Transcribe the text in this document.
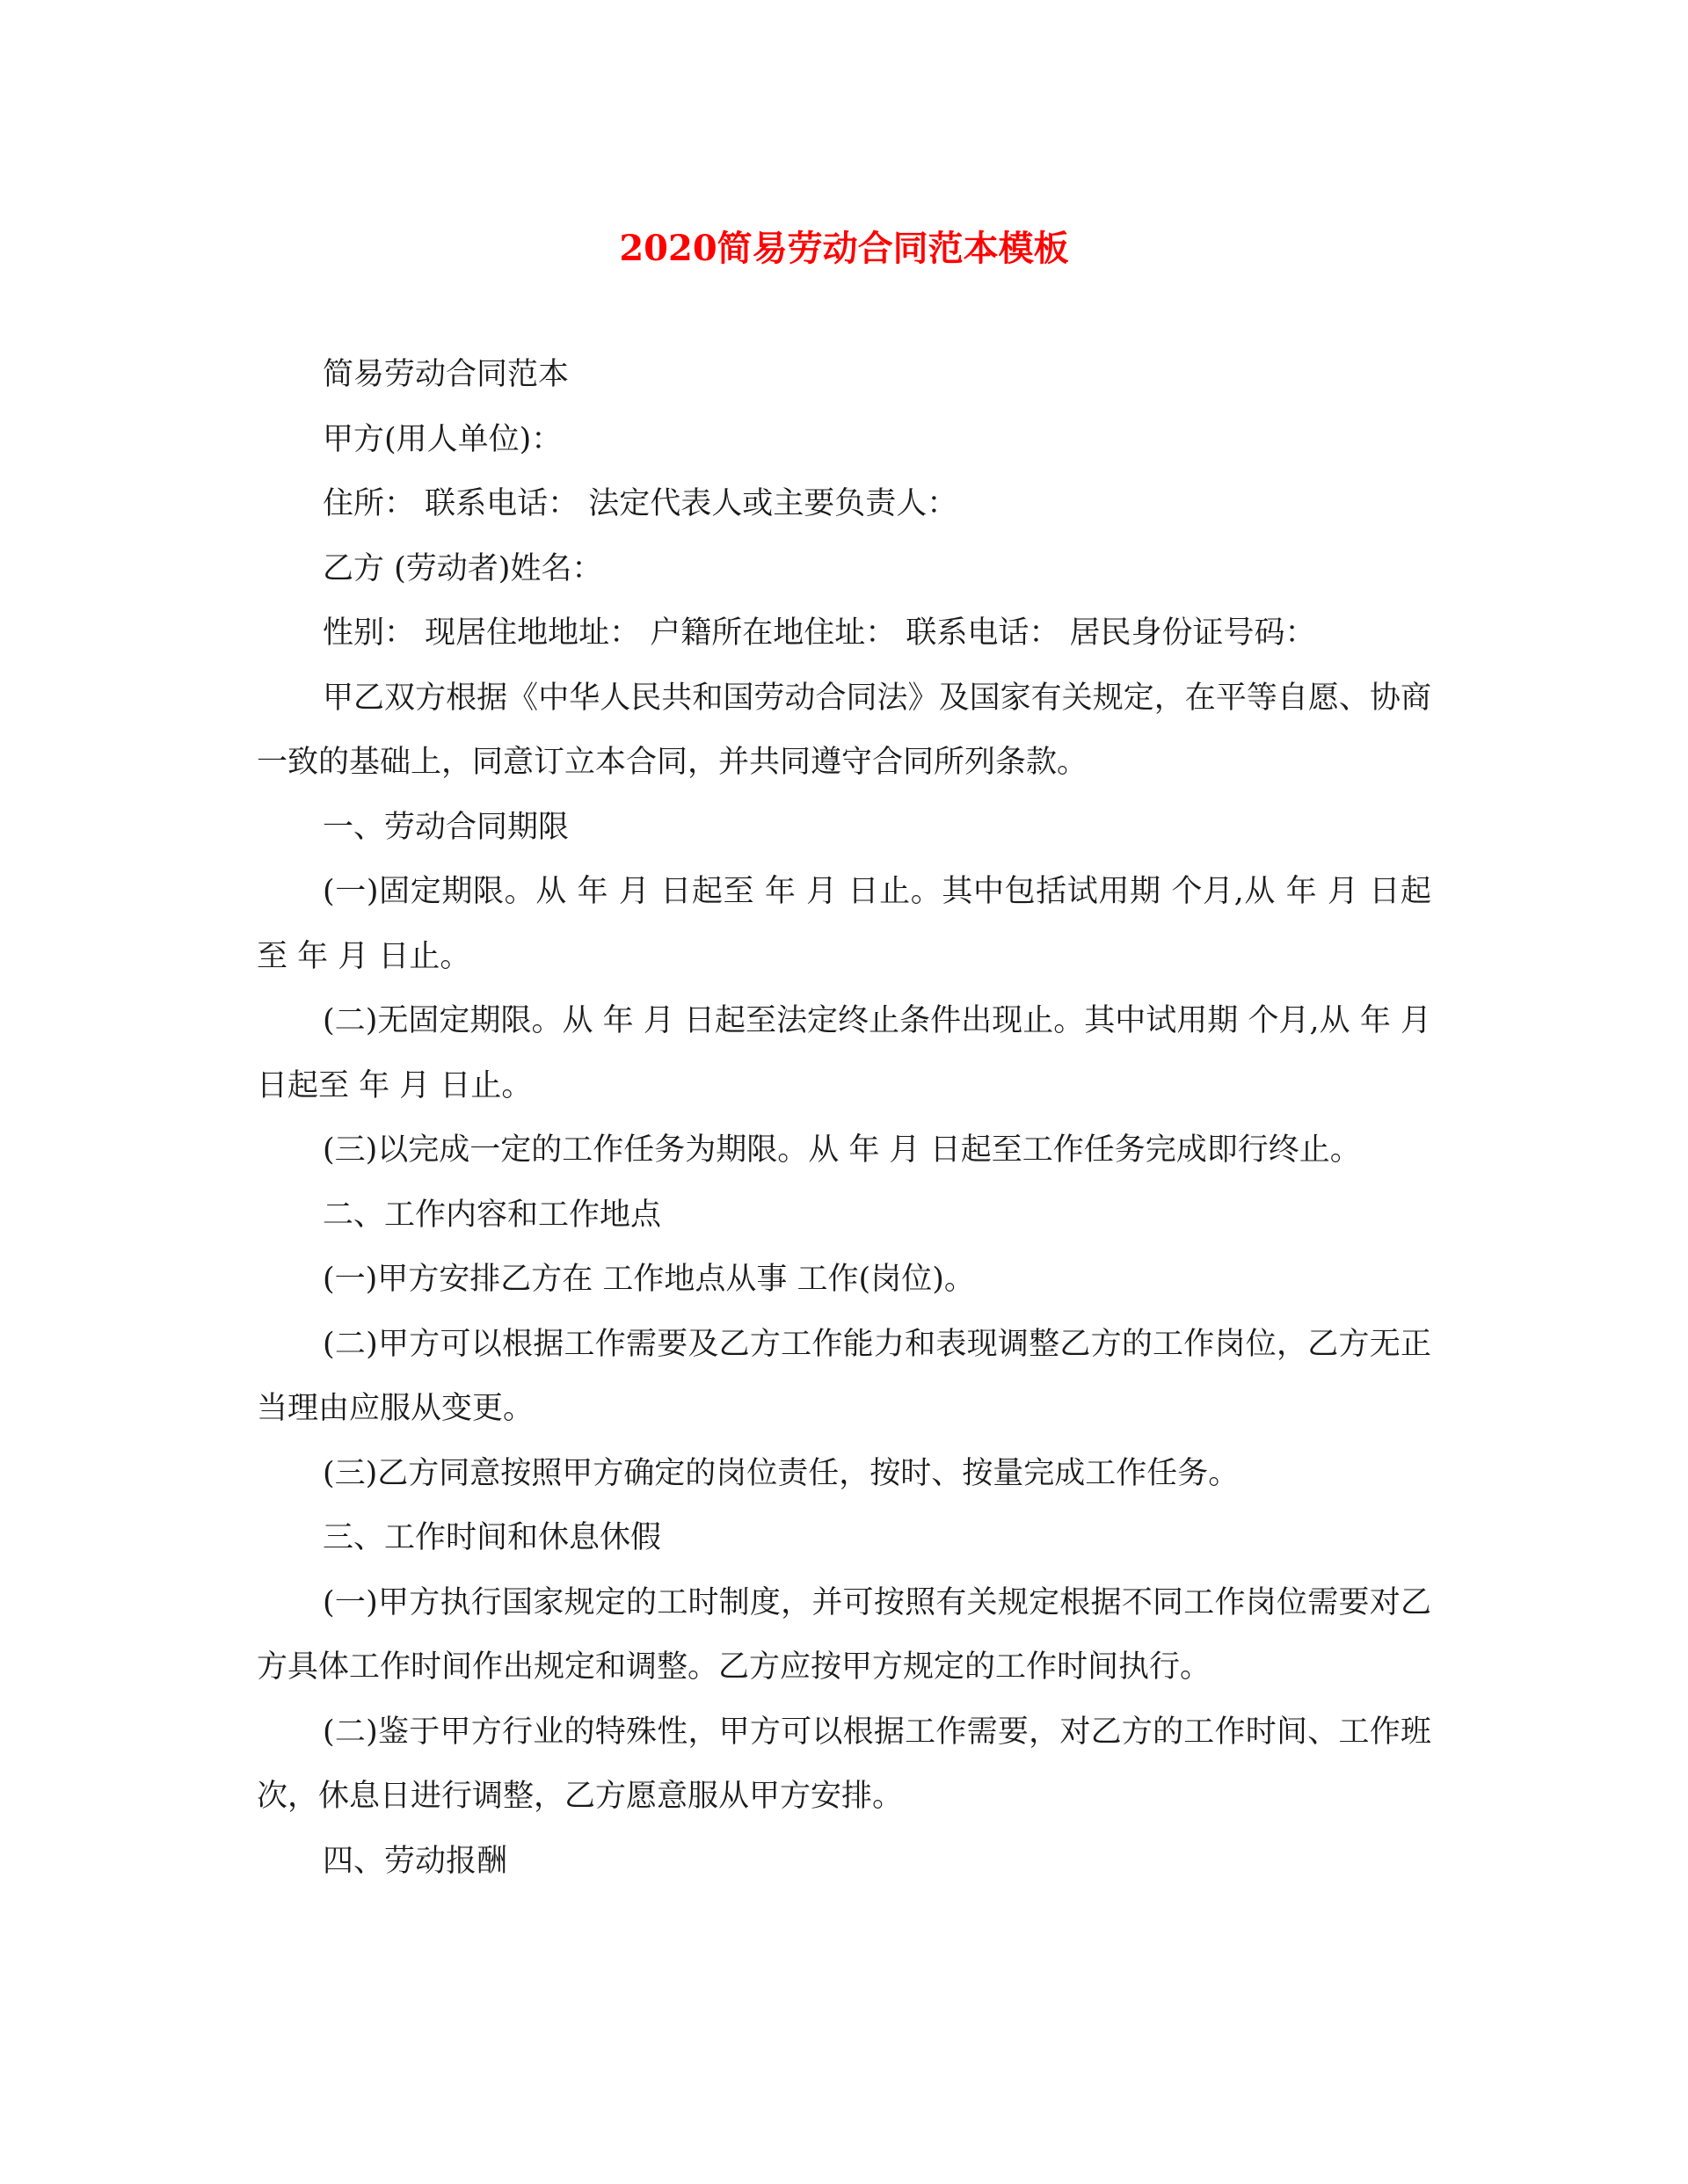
2020简易劳动合同范本模板

简易劳动合同范本

甲方(用人单位)：

住所： 联系电话： 法定代表人或主要负责人：

乙方 (劳动者)姓名：

性别： 现居住地地址： 户籍所在地住址： 联系电话： 居民身份证号码：

甲乙双方根据《中华人民共和国劳动合同法》及国家有关规定，在平等自愿、协商一致的基础上，同意订立本合同，并共同遵守合同所列条款。

一、劳动合同期限

(一)固定期限。从 年 月 日起至 年 月 日止。其中包括试用期 个月,从 年 月 日起至 年 月 日止。

(二)无固定期限。从 年 月 日起至法定终止条件出现止。其中试用期 个月,从 年 月 日起至 年 月 日止。

(三)以完成一定的工作任务为期限。从 年 月 日起至工作任务完成即行终止。

二、工作内容和工作地点

(一)甲方安排乙方在 工作地点从事 工作(岗位)。

(二)甲方可以根据工作需要及乙方工作能力和表现调整乙方的工作岗位，乙方无正当理由应服从变更。

(三)乙方同意按照甲方确定的岗位责任，按时、按量完成工作任务。

三、工作时间和休息休假

(一)甲方执行国家规定的工时制度，并可按照有关规定根据不同工作岗位需要对乙方具体工作时间作出规定和调整。乙方应按甲方规定的工作时间执行。

(二)鉴于甲方行业的特殊性，甲方可以根据工作需要，对乙方的工作时间、工作班次，休息日进行调整，乙方愿意服从甲方安排。

四、劳动报酬
